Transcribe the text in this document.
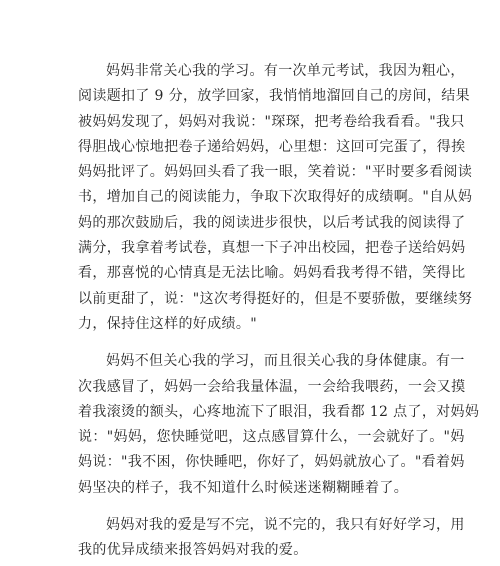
妈妈非常关心我的学习。有一次单元考试，我因为粗心，
阅读题扣了 9 分，放学回家，我悄悄地溜回自己的房间，结果
被妈妈发现了，妈妈对我说："琛琛，把考卷给我看看。"我只
得胆战心惊地把卷子递给妈妈，心里想：这回可完蛋了，得挨
妈妈批评了。妈妈回头看了我一眼，笑着说："平时要多看阅读
书，增加自己的阅读能力，争取下次取得好的成绩啊。"自从妈
妈的那次鼓励后，我的阅读进步很快，以后考试我的阅读得了
满分，我拿着考试卷，真想一下子冲出校园，把卷子送给妈妈
看，那喜悦的心情真是无法比喻。妈妈看我考得不错，笑得比
以前更甜了，说："这次考得挺好的，但是不要骄傲，要继续努
力，保持住这样的好成绩。"
妈妈不但关心我的学习，而且很关心我的身体健康。有一
次我感冒了，妈妈一会给我量体温，一会给我喂药，一会又摸
着我滚烫的额头，心疼地流下了眼泪，我看都 12 点了，对妈妈
说："妈妈，您快睡觉吧，这点感冒算什么，一会就好了。"妈
妈说："我不困，你快睡吧，你好了，妈妈就放心了。"看着妈
妈坚决的样子，我不知道什么时候迷迷糊糊睡着了。
妈妈对我的爱是写不完，说不完的，我只有好好学习，用
我的优异成绩来报答妈妈对我的爱。
